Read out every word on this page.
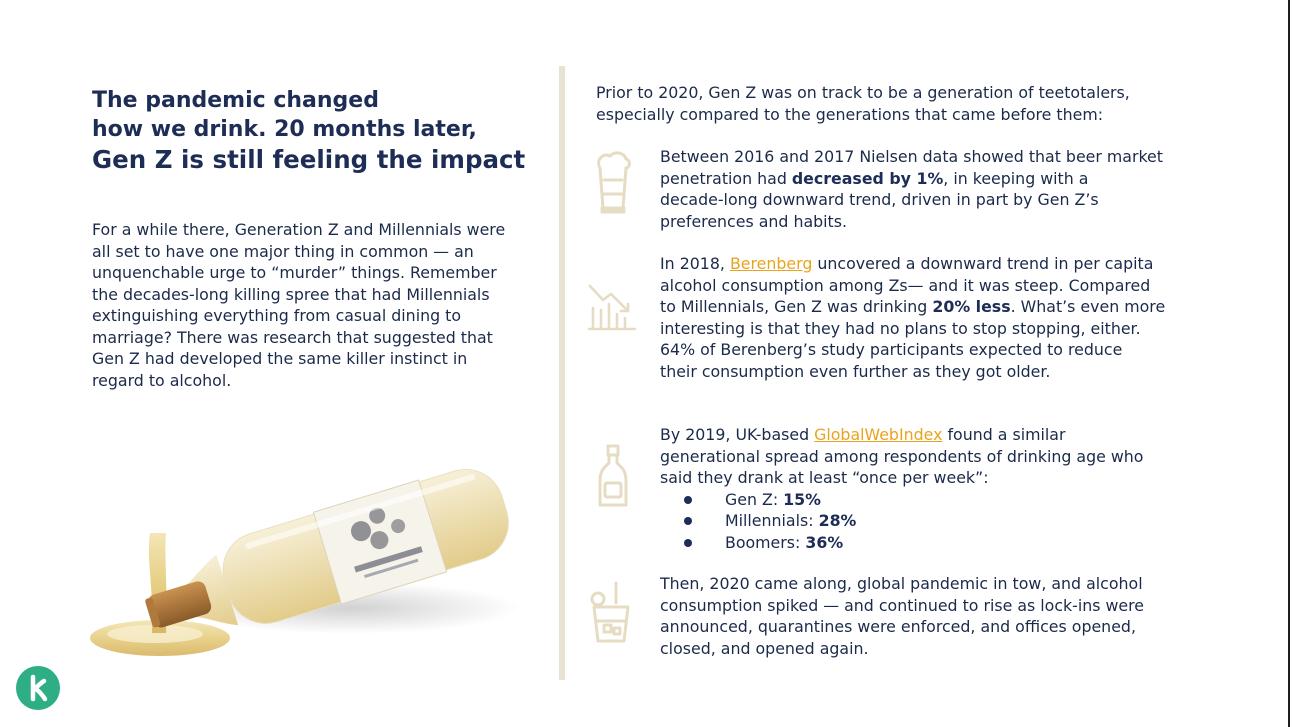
The pandemic changed
how we drink. 20 months later,
Gen Z is still feeling the impact
For a while there, Generation Z and Millennials were
all set to have one major thing in common — an
unquenchable urge to “murder” things. Remember
the decades-long killing spree that had Millennials
extinguishing everything from casual dining to
marriage? There was research that suggested that
Gen Z had developed the same killer instinct in
regard to alcohol.
Prior to 2020, Gen Z was on track to be a generation of teetotalers,
especially compared to the generations that came before them:
Between 2016 and 2017 Nielsen data showed that beer market
penetration had decreased by 1%, in keeping with a
decade-long downward trend, driven in part by Gen Z’s
preferences and habits.
In 2018, Berenberg uncovered a downward trend in per capita
alcohol consumption among Zs— and it was steep. Compared
to Millennials, Gen Z was drinking 20% less. What’s even more
interesting is that they had no plans to stop stopping, either.
64% of Berenberg’s study participants expected to reduce
their consumption even further as they got older.
By 2019, UK-based GlobalWebIndex found a similar
generational spread among respondents of drinking age who
said they drank at least “once per week”:
Gen Z: 15%
Millennials: 28%
Boomers: 36%
Then, 2020 came along, global pandemic in tow, and alcohol
consumption spiked — and continued to rise as lock-ins were
announced, quarantines were enforced, and offices opened,
closed, and opened again.
